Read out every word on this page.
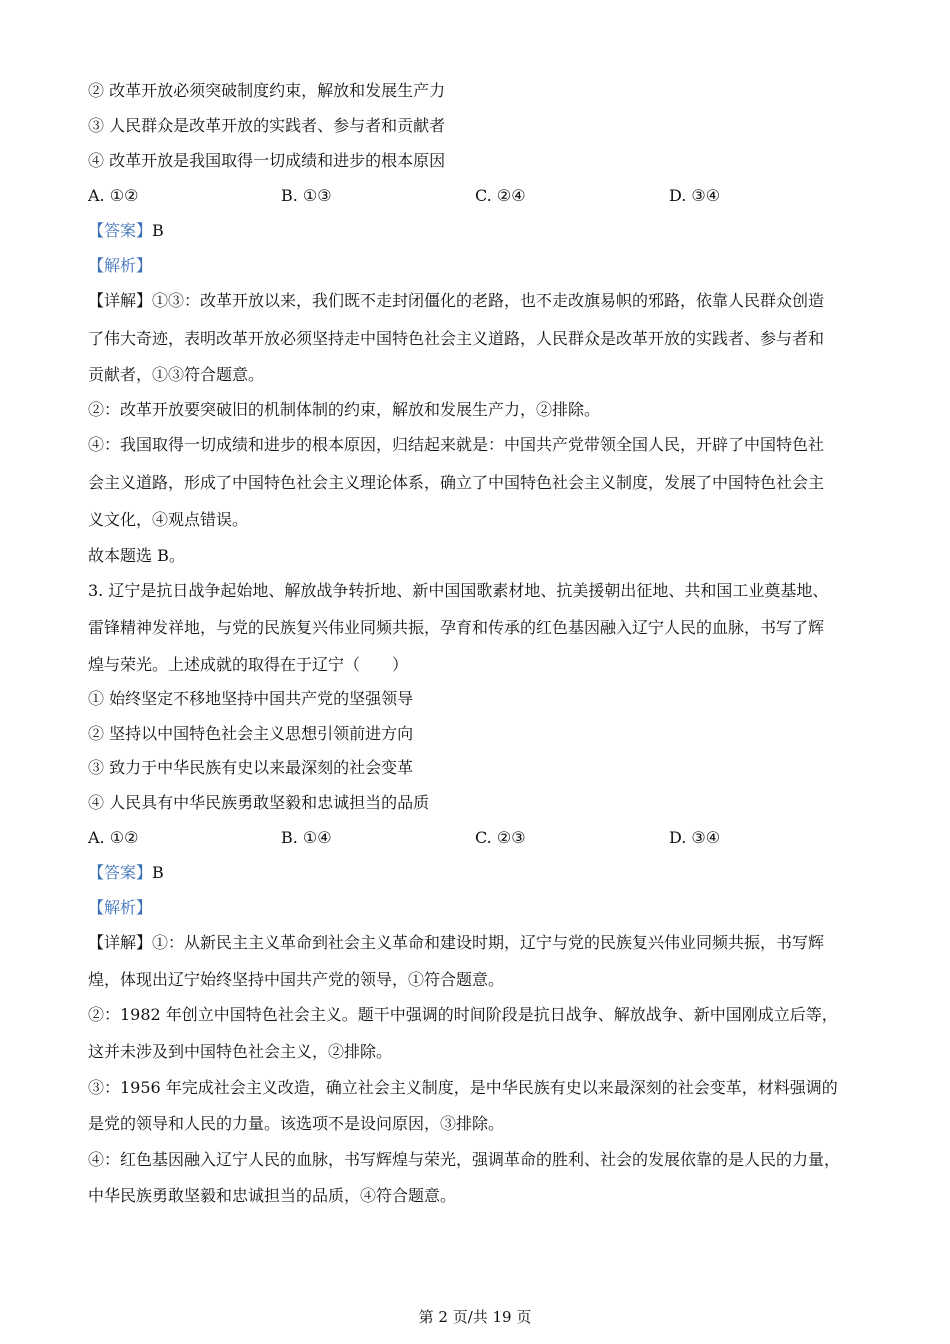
② 改革开放必须突破制度约束，解放和发展生产力
③ 人民群众是改革开放的实践者、参与者和贡献者
④ 改革开放是我国取得一切成绩和进步的根本原因
A. ①②	B. ①③	C. ②④	D. ③④
【答案】B
【解析】
【详解】①③：改革开放以来，我们既不走封闭僵化的老路，也不走改旗易帜的邪路，依靠人民群众创造
了伟大奇迹，表明改革开放必须坚持走中国特色社会主义道路，人民群众是改革开放的实践者、参与者和
贡献者，①③符合题意。
②：改革开放要突破旧的机制体制的约束，解放和发展生产力，②排除。
④：我国取得一切成绩和进步的根本原因，归结起来就是：中国共产党带领全国人民，开辟了中国特色社
会主义道路，形成了中国特色社会主义理论体系，确立了中国特色社会主义制度，发展了中国特色社会主
义文化，④观点错误。
故本题选 B。
3. 辽宁是抗日战争起始地、解放战争转折地、新中国国歌素材地、抗美援朝出征地、共和国工业奠基地、
雷锋精神发祥地，与党的民族复兴伟业同频共振，孕育和传承的红色基因融入辽宁人民的血脉，书写了辉
煌与荣光。上述成就的取得在于辽宁（　　）
① 始终坚定不移地坚持中国共产党的坚强领导
② 坚持以中国特色社会主义思想引领前进方向
③ 致力于中华民族有史以来最深刻的社会变革
④ 人民具有中华民族勇敢坚毅和忠诚担当的品质
A. ①②	B. ①④	C. ②③	D. ③④
【答案】B
【解析】
【详解】①：从新民主主义革命到社会主义革命和建设时期，辽宁与党的民族复兴伟业同频共振，书写辉
煌，体现出辽宁始终坚持中国共产党的领导，①符合题意。
②：1982 年创立中国特色社会主义。题干中强调的时间阶段是抗日战争、解放战争、新中国刚成立后等，
这并未涉及到中国特色社会主义，②排除。
③：1956 年完成社会主义改造，确立社会主义制度，是中华民族有史以来最深刻的社会变革，材料强调的
是党的领导和人民的力量。该选项不是设问原因，③排除。
④：红色基因融入辽宁人民的血脉，书写辉煌与荣光，强调革命的胜利、社会的发展依靠的是人民的力量，
中华民族勇敢坚毅和忠诚担当的品质，④符合题意。
第 2 页/共 19 页
